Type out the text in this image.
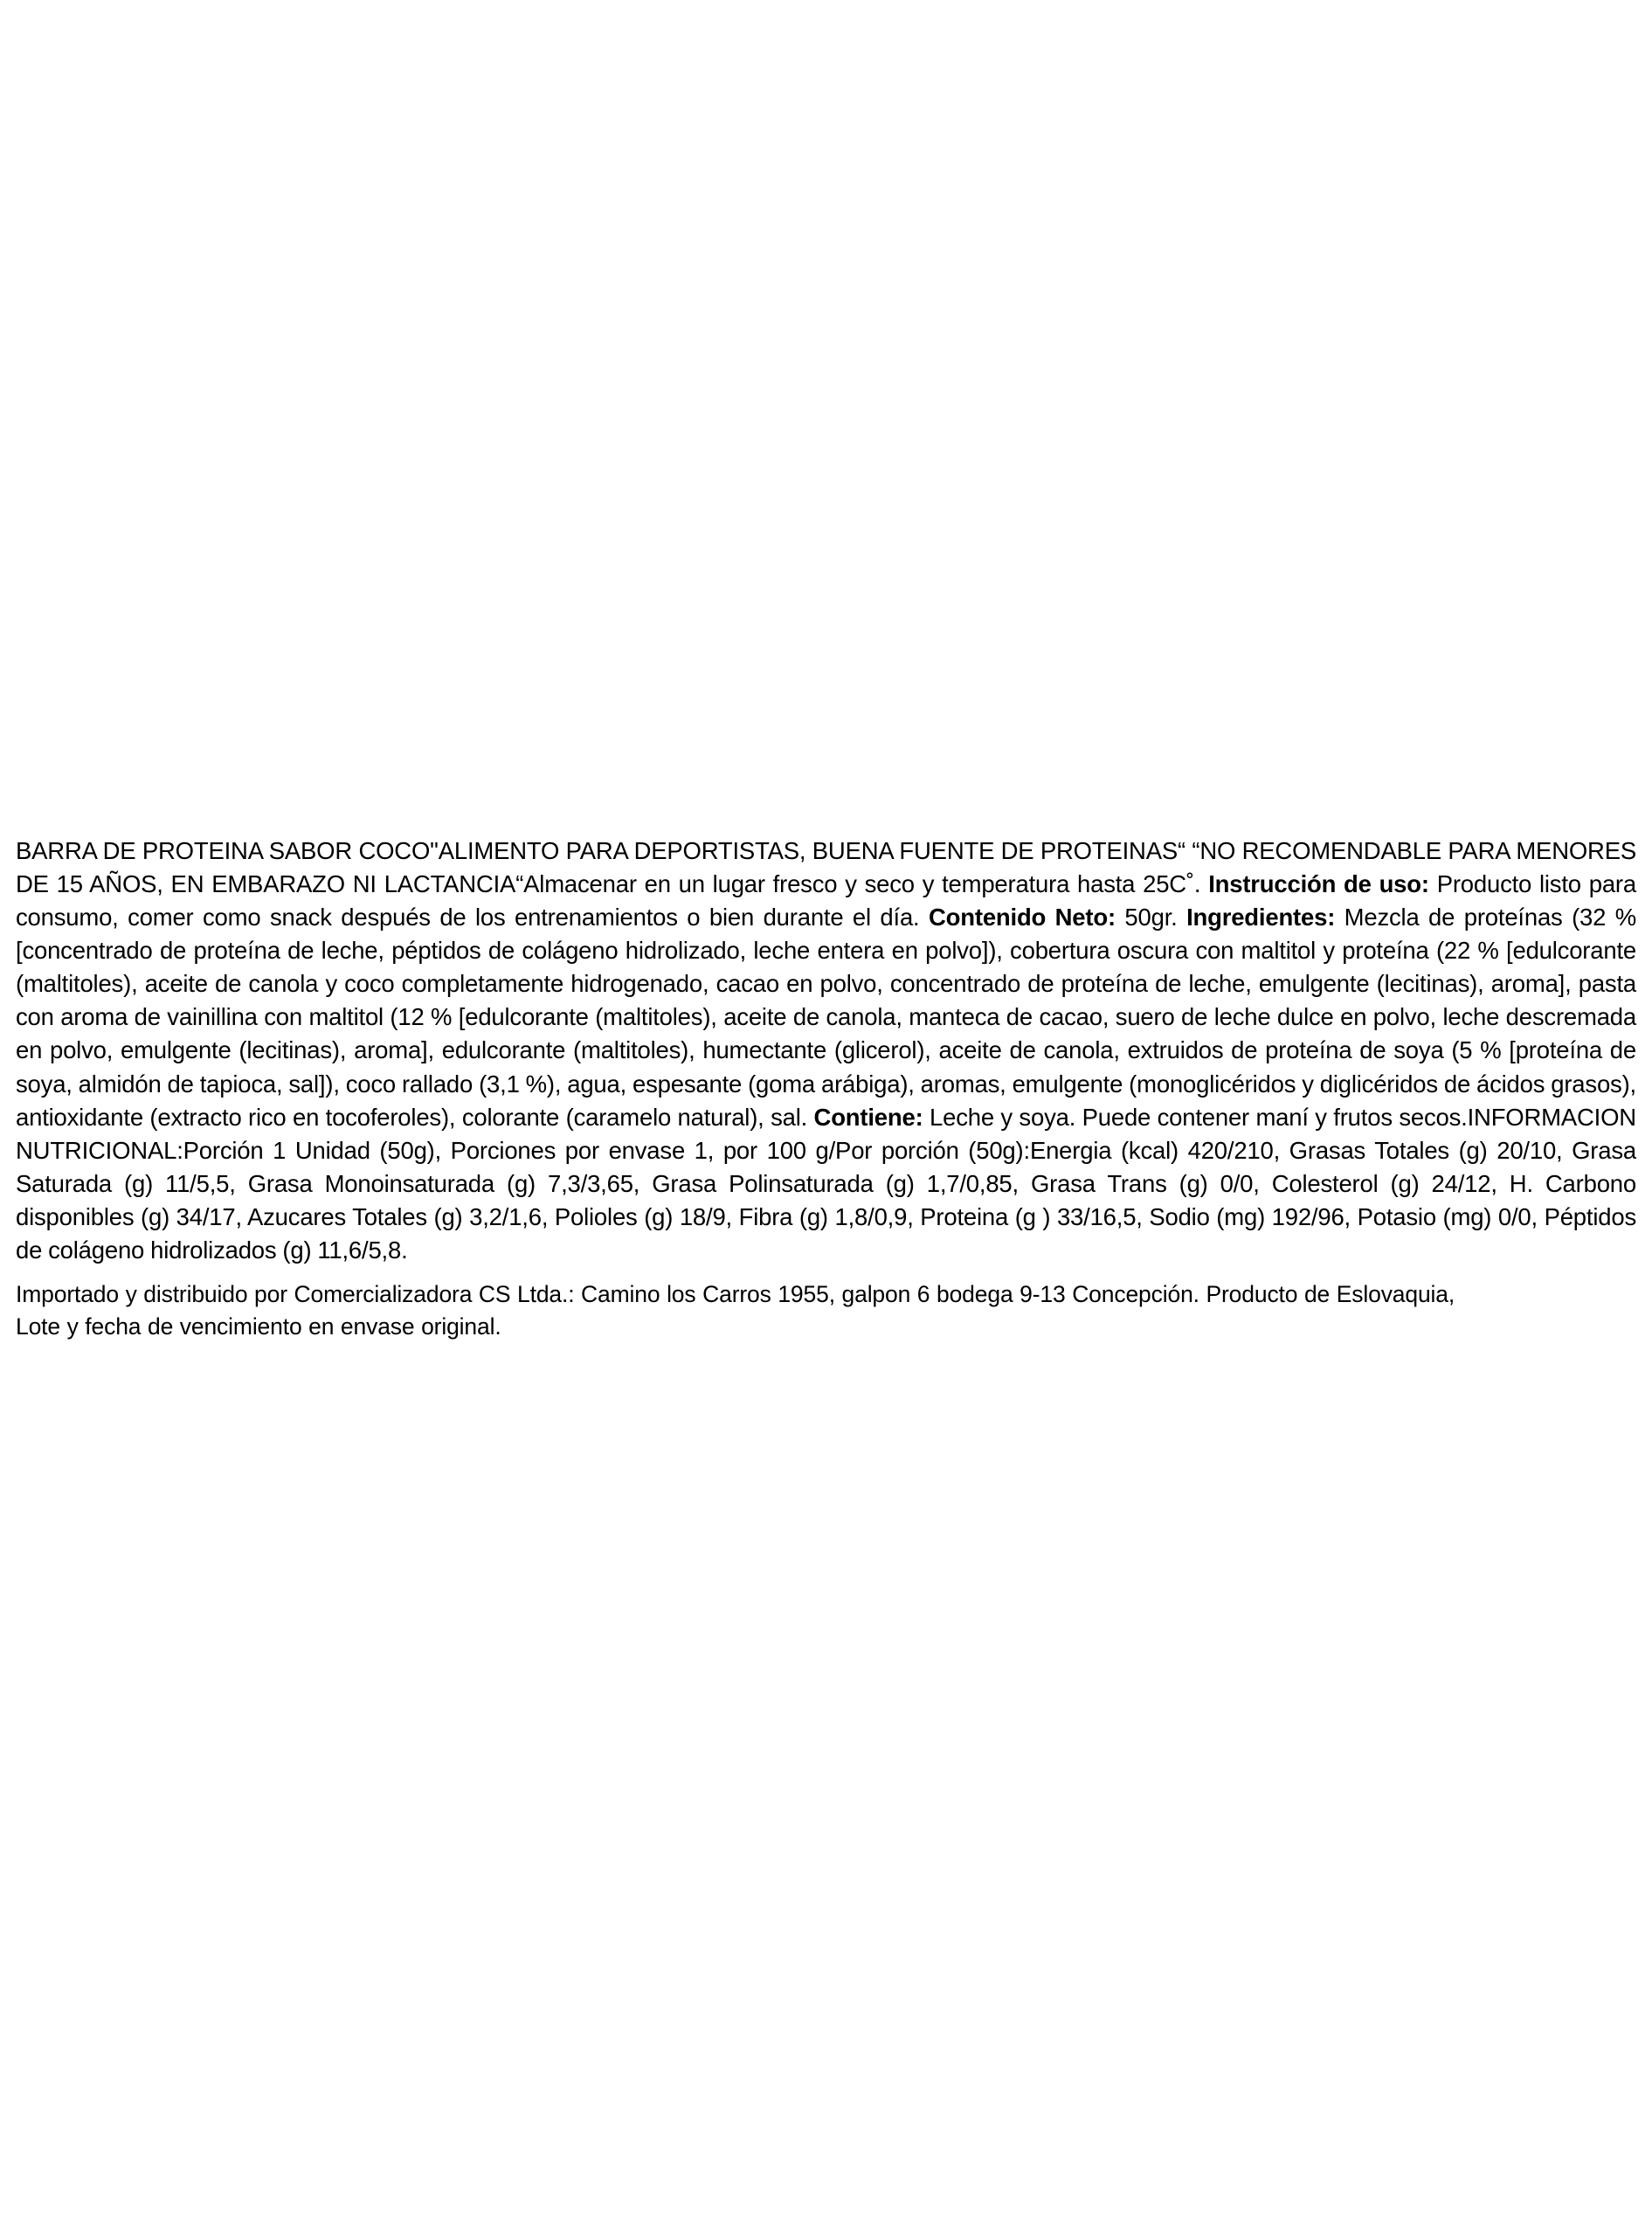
BARRA DE PROTEINA SABOR COCO"ALIMENTO PARA DEPORTISTAS, BUENA FUENTE DE PROTEINAS“ “NO RECOMENDABLE PARA MENORES DE 15 AÑOS, EN EMBARAZO NI LACTANCIA“Almacenar en un lugar fresco y seco y temperatura hasta 25C˚. Instrucción de uso: Producto listo para consumo, comer como snack después de los entrenamientos o bien durante el día. Contenido Neto: 50gr. Ingredientes: Mezcla de proteínas (32 % [concentrado de proteína de leche, péptidos de colágeno hidrolizado, leche entera en polvo]), cobertura oscura con maltitol y proteína (22 % [edulcorante (maltitoles), aceite de canola y coco completamente hidrogenado, cacao en polvo, concentrado de proteína de leche, emulgente (lecitinas), aroma], pasta con aroma de vainillina con maltitol (12 % [edulcorante (maltitoles), aceite de canola, manteca de cacao, suero de leche dulce en polvo, leche descremada en polvo, emulgente (lecitinas), aroma], edulcorante (maltitoles), humectante (glicerol), aceite de canola, extruidos de proteína de soya (5 % [proteína de soya, almidón de tapioca, sal]), coco rallado (3,1 %), agua, espesante (goma arábiga), aromas, emulgente (monoglicéridos y diglicéridos de ácidos grasos), antioxidante (extracto rico en tocoferoles), colorante (caramelo natural), sal. Contiene: Leche y soya. Puede contener maní y frutos secos.INFORMACION NUTRICIONAL:Porción 1 Unidad (50g), Porciones por envase 1, por 100 g/Por porción (50g):Energia (kcal) 420/210, Grasas Totales (g) 20/10, Grasa Saturada (g) 11/5,5, Grasa Monoinsaturada (g) 7,3/3,65, Grasa Polinsaturada (g) 1,7/0,85, Grasa Trans (g) 0/0, Colesterol (g) 24/12, H. Carbono disponibles (g) 34/17, Azucares Totales (g) 3,2/1,6, Polioles (g) 18/9, Fibra (g) 1,8/0,9, Proteina (g ) 33/16,5, Sodio (mg) 192/96, Potasio (mg) 0/0, Péptidos de colágeno hidrolizados (g) 11,6/5,8.

Importado y distribuido por Comercializadora CS Ltda.: Camino los Carros 1955, galpon 6 bodega 9-13 Concepción. Producto de Eslovaquia,
Lote y fecha de vencimiento en envase original.
